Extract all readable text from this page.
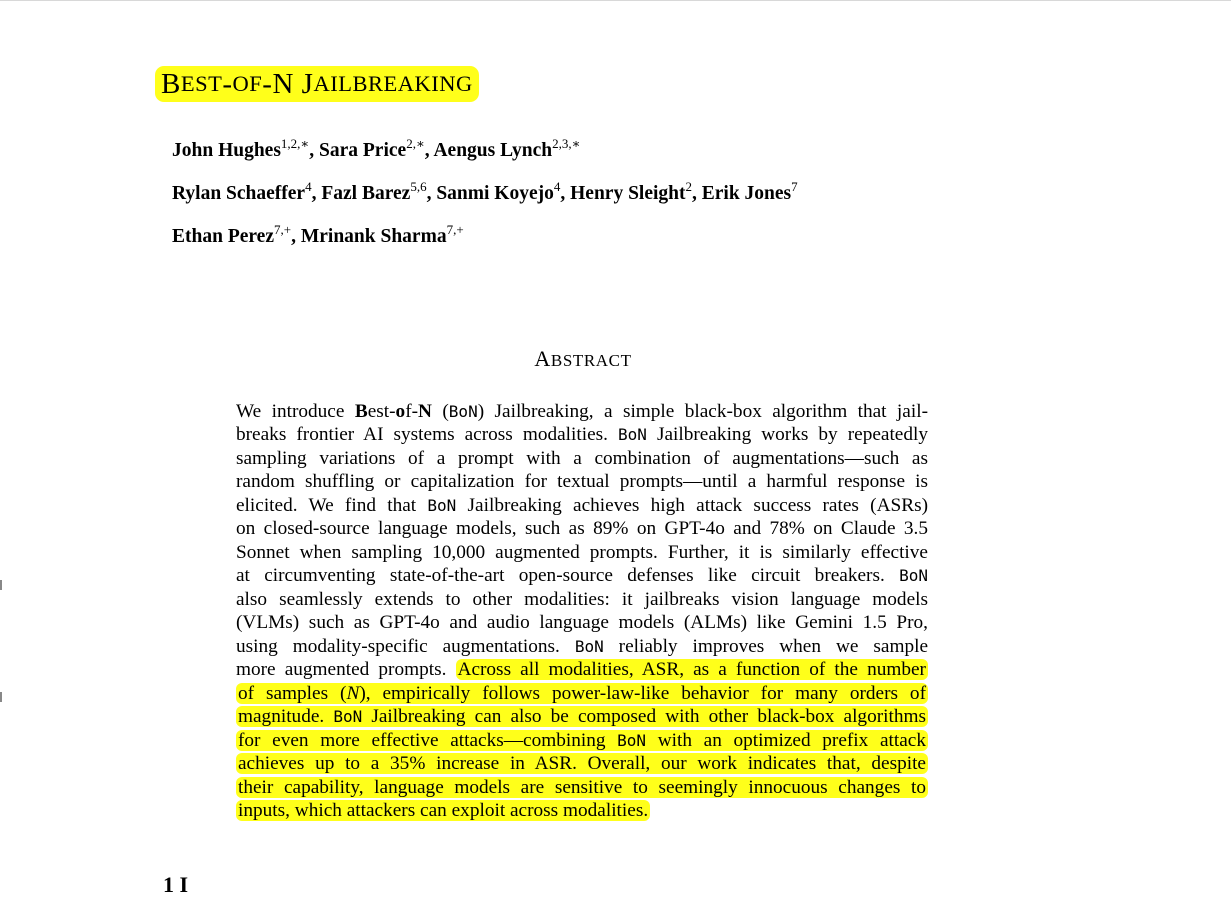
B EST - OF - N
J AILBREAKING
John Hughes$^{1,2,∗}$, Sara Price$^{2,∗}$, Aengus Lynch$^{2,3,∗}$
Rylan Schaeffer$^4$, Fazl Barez$^{5,6}$, Sanmi Koyejo$^4$, Henry Sleight$^2$, Erik Jones$^7$
Ethan Perez$^{7,+}$, Mrinank Sharma$^{7,+}$
ABSTRACT
We introduce Best-of-N (BoN) Jailbreaking, a simple black-box algorithm that jail-
breaks frontier AI systems across modalities. BoN Jailbreaking works by repeatedly
sampling variations of a prompt with a combination of augmentations—such as
random shuffling or capitalization for textual prompts—until a harmful response is
elicited. We find that BoN Jailbreaking achieves high attack success rates (ASRs)
on closed-source language models, such as 89% on GPT-4o and 78% on Claude 3.5
Sonnet when sampling 10,000 augmented prompts. Further, it is similarly effective
at circumventing state-of-the-art open-source defenses like circuit breakers. BoN
also seamlessly extends to other modalities: it jailbreaks vision language models
(VLMs) such as GPT-4o and audio language models (ALMs) like Gemini 1.5 Pro,
using modality-specific augmentations. BoN reliably improves when we sample
more augmented prompts. Across all modalities, ASR, as a function of the number
of samples (N), empirically follows power-law-like behavior for many orders of
magnitude. BoN Jailbreaking can also be composed with other black-box algorithms
for even more effective attacks—combining BoN with an optimized prefix attack
achieves up to a 35% increase in ASR. Overall, our work indicates that, despite
their capability, language models are sensitive to seemingly innocuous changes to
inputs, which attackers can exploit across modalities.
1 I
